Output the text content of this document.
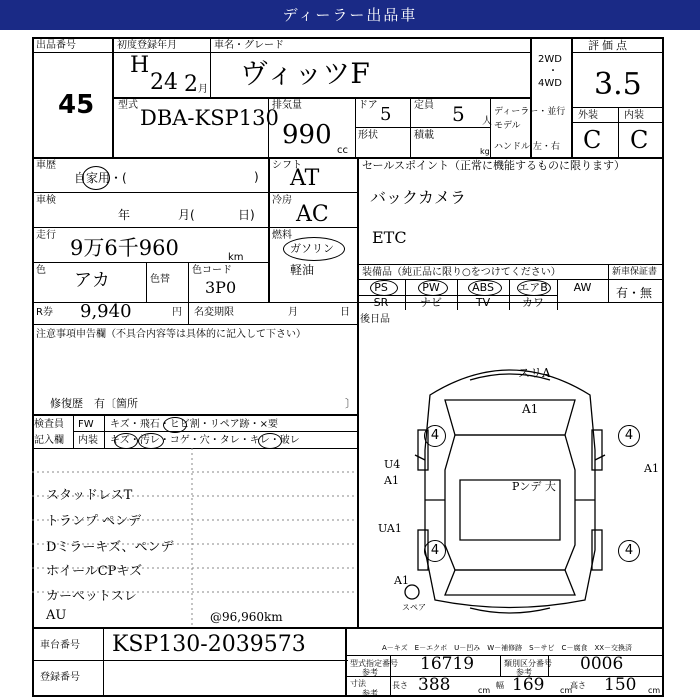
ディーラー出品車
出品番号
45
初度登録年月
H
24 2 月
車名・グレード
ヴィッツF	2WD
・
4WD
評価点
3.5
型式
DBA-KSP130
排気量
990
cc
ドア 5 定員 5 人
形状	積載
kg
ディーラー・並行
モデル
ハンドル 左・右
外装	内装
C C
車歴
自家用・(	)
シフト
AT
セールスポイント（正常に機能するものに限ります）
バックカメラ
ETC
車検
年	月(	日)
冷房
AC
走行
9万6千960	km
燃料
ガソリン
軽油
色 アカ	色替
色コード
3P0
装備品（純正品に限り○をつけてください）
PS	PW	ABS	エアB	AW
SR	ナビ	TV	カワ
新車保証書
有・無
R券 9,940	円 名変期限	月	日
後日品
注意事項申告欄（不具合内容等は具体的に記入して下さい）
修復歴　有〔箇所	〕
検査員
記入欄
FW キズ・飛石・ヒビ割・リペア跡・×要
内装 キズ・汚レ・コゲ・穴・タレ・キレ・破レ
スタッドレスT
トランプ ペンデ
Dミラーキズ、ペンデ
ホイールCPキズ
カーペットスレ
AU	@96,960km
4	4
4	4
スリA
A1
U4
A1
A1
UA1
Pンデ 大
A1
スペア
A－キズ　E－エクボ　U－凹み　W－補修跡　S－サビ　C－腐食　XX－交換済
車台番号 KSP130-2039573
登録番号
型式指定番号
参考 16719	類別区分番号
参考	0006
寸法
参考
長さ 388	cm
幅 169 cm
高さ 150 cm
